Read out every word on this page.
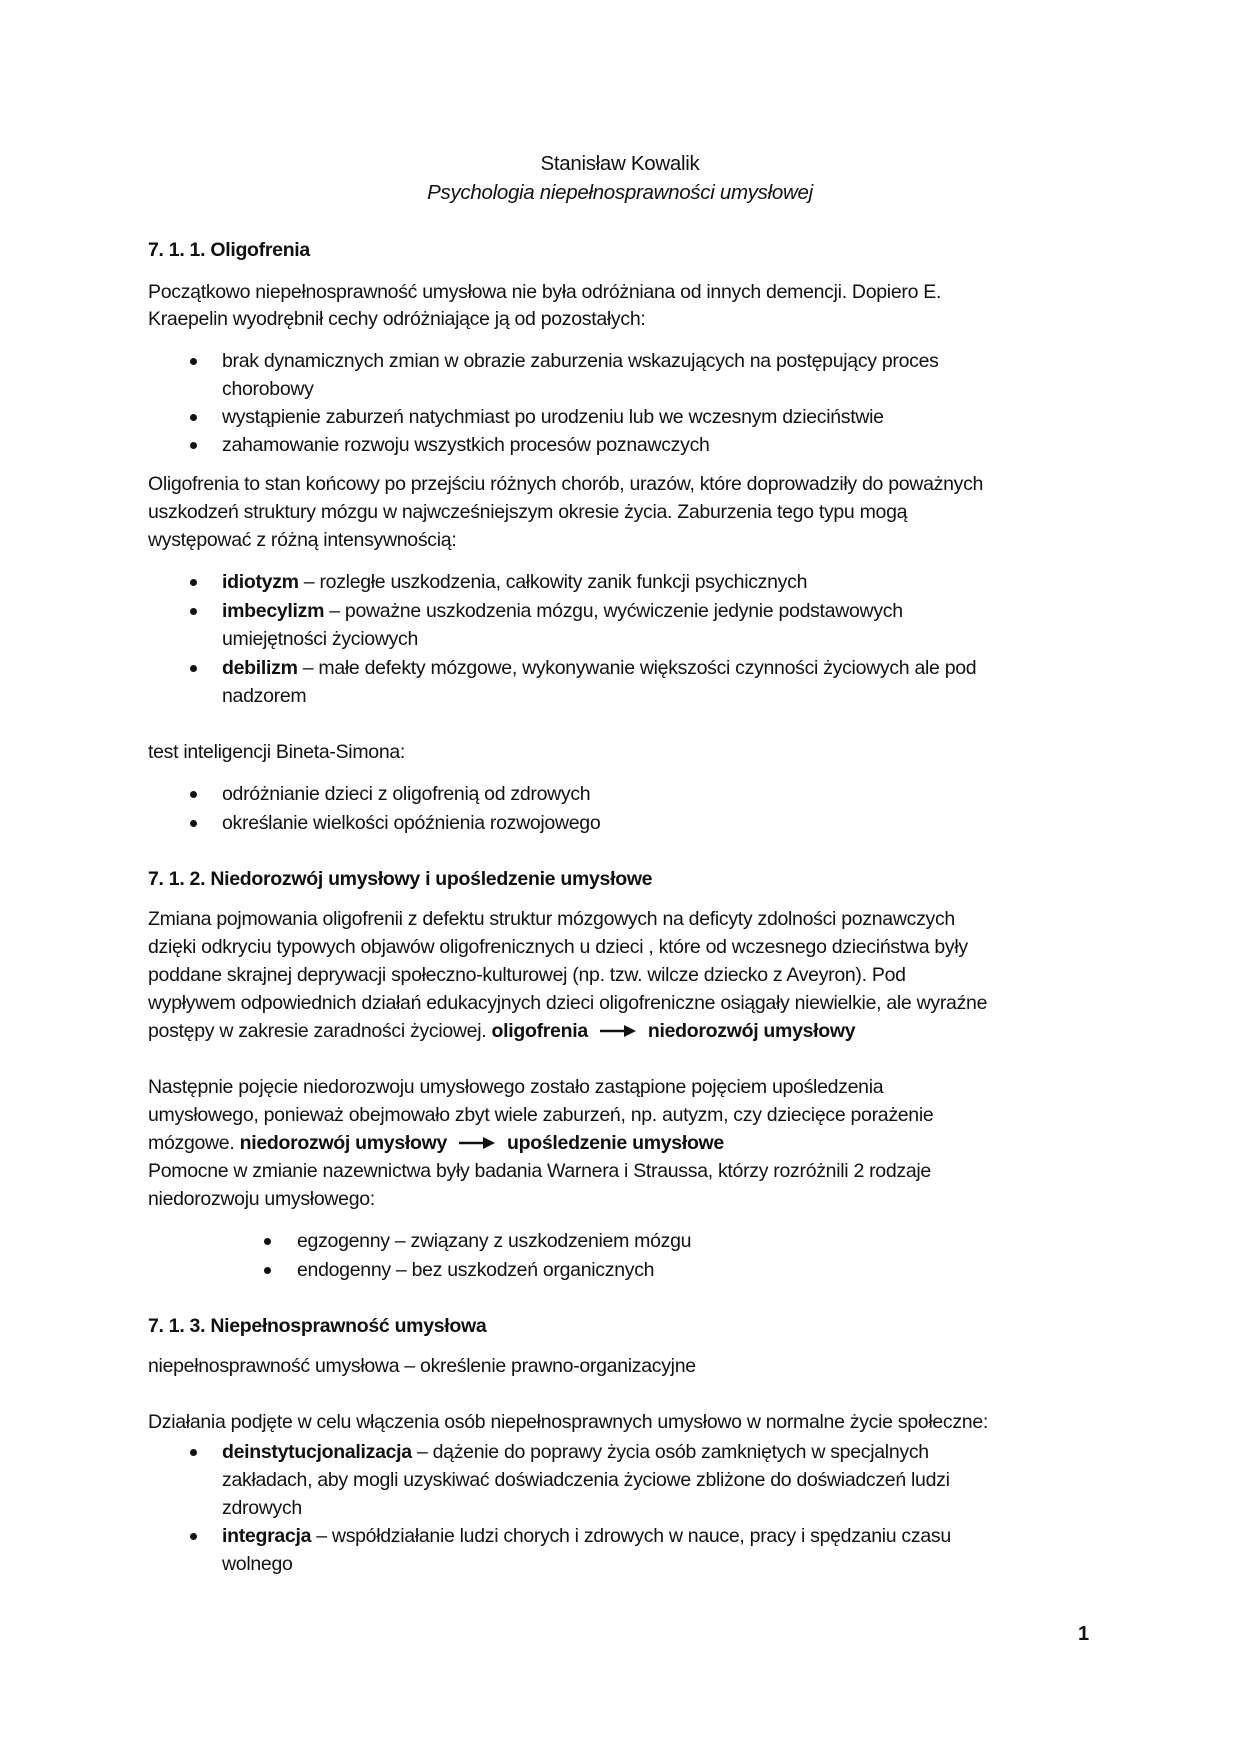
Stanisław Kowalik
Psychologia niepełnosprawności umysłowej
7. 1. 1. Oligofrenia
Początkowo niepełnosprawność umysłowa nie była odróżniana od innych demencji. Dopiero E.
Kraepelin wyodrębnił cechy odróżniające ją od pozostałych:
brak dynamicznych zmian w obrazie zaburzenia wskazujących na postępujący proces
chorobowy
wystąpienie zaburzeń natychmiast po urodzeniu lub we wczesnym dzieciństwie
zahamowanie rozwoju wszystkich procesów poznawczych
Oligofrenia to stan końcowy po przejściu różnych chorób, urazów, które doprowadziły do poważnych
uszkodzeń struktury mózgu w najwcześniejszym okresie życia. Zaburzenia tego typu mogą
występować z różną intensywnością:
idiotyzm – rozległe uszkodzenia, całkowity zanik funkcji psychicznych
imbecylizm – poważne uszkodzenia mózgu, wyćwiczenie jedynie podstawowych
umiejętności życiowych
debilizm – małe defekty mózgowe, wykonywanie większości czynności życiowych ale pod
nadzorem
test inteligencji Bineta-Simona:
odróżnianie dzieci z oligofrenią od zdrowych
określanie wielkości opóźnienia rozwojowego
7. 1. 2. Niedorozwój umysłowy i upośledzenie umysłowe
Zmiana pojmowania oligofrenii z defektu struktur mózgowych na deficyty zdolności poznawczych
dzięki odkryciu typowych objawów oligofrenicznych u dzieci , które od wczesnego dzieciństwa były
poddane skrajnej deprywacji społeczno-kulturowej (np. tzw. wilcze dziecko z Aveyron). Pod
wypływem odpowiednich działań edukacyjnych dzieci oligofreniczne osiągały niewielkie, ale wyraźne
postępy w zakresie zaradności życiowej. oligofrenia	niedorozwój umysłowy
Następnie pojęcie niedorozwoju umysłowego zostało zastąpione pojęciem upośledzenia
umysłowego, ponieważ obejmowało zbyt wiele zaburzeń, np. autyzm, czy dziecięce porażenie
mózgowe. niedorozwój umysłowy	upośledzenie umysłowe
Pomocne w zmianie nazewnictwa były badania Warnera i Straussa, którzy rozróżnili 2 rodzaje
niedorozwoju umysłowego:
egzogenny – związany z uszkodzeniem mózgu
endogenny – bez uszkodzeń organicznych
7. 1. 3. Niepełnosprawność umysłowa
niepełnosprawność umysłowa – określenie prawno-organizacyjne
Działania podjęte w celu włączenia osób niepełnosprawnych umysłowo w normalne życie społeczne:
deinstytucjonalizacja – dążenie do poprawy życia osób zamkniętych w specjalnych
zakładach, aby mogli uzyskiwać doświadczenia życiowe zbliżone do doświadczeń ludzi
zdrowych
integracja – współdziałanie ludzi chorych i zdrowych w nauce, pracy i spędzaniu czasu
wolnego
1
